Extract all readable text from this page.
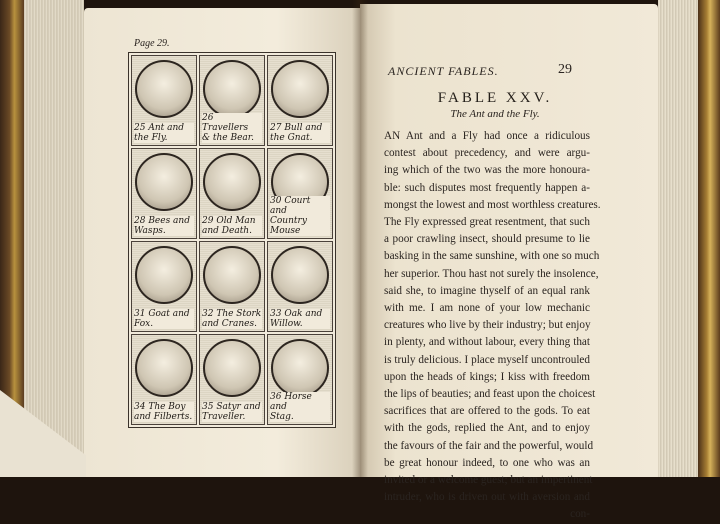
Page 29.
25 Ant and
the Fly.
26 Travellers
& the Bear.
27 Bull and
the Gnat.
28 Bees and
Wasps.
29 Old Man
and Death.
30 Court and
Country Mouse
31 Goat and
Fox.
32 The Stork
and Cranes.
33 Oak and
Willow.
34 The Boy
and Filberts.
35 Satyr and
Traveller.
36 Horse and
Stag.
ANCIENT FABLES.	29
FABLE XXV.
The Ant and the Fly.
AN Ant and a Fly had once a ridiculous
contest about precedency, and were argu-
ing which of the two was the more honoura-
ble: such disputes most frequently happen a-
mongst the lowest and most worthless creatures.
The Fly expressed great resentment, that such
a poor crawling insect, should presume to lie
basking in the same sunshine, with one so much
her superior. Thou hast not surely the insolence,
said she, to imagine thyself of an equal rank
with me. I am none of your low mechanic
creatures who live by their industry; but enjoy
in plenty, and without labour, every thing that
is truly delicious. I place myself uncontrouled
upon the heads of kings; I kiss with freedom
the lips of beauties; and feast upon the choicest
sacrifices that are offered to the gods. To eat
with the gods, replied the Ant, and to enjoy
the favours of the fair and the powerful, would
be great honour indeed, to one who was an
invited or a welcome guest; but an impertinent
intruder, who is driven out with aversion and
con-
